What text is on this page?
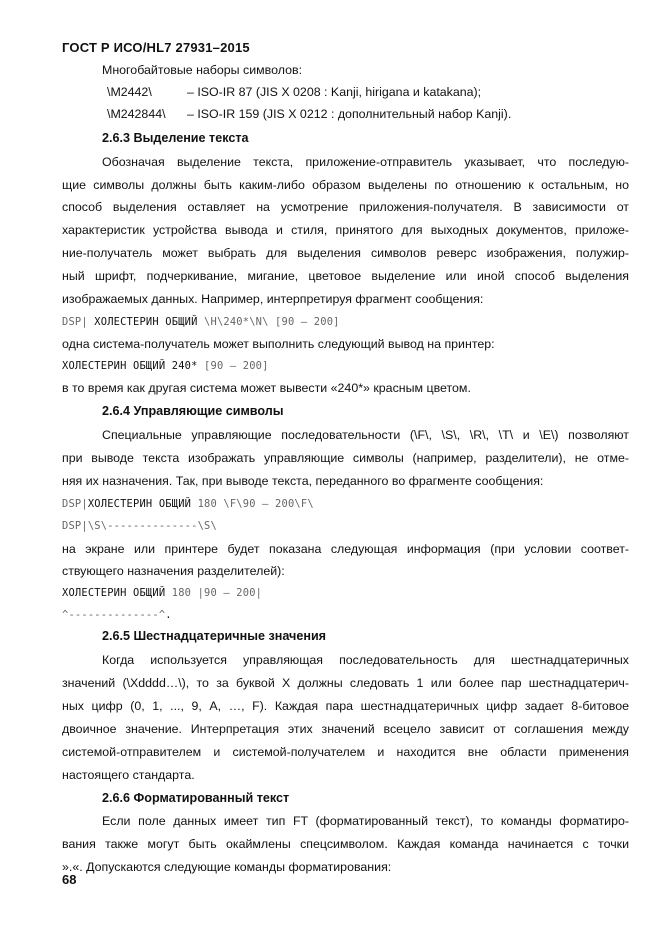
ГОСТ Р ИСО/HL7 27931–2015
Многобайтовые наборы символов:
\M2442\	– ISO-IR 87 (JIS X 0208 : Kanji, hirigana и katakana);
\M242844\ – ISO-IR 159 (JIS X 0212 : дополнительный набор Kanji).
2.6.3 Выделение текста
Обозначая выделение текста, приложение-отправитель указывает, что последую-
щие символы должны быть каким-либо образом выделены по отношению к остальным, но
способ выделения оставляет на усмотрение приложения-получателя. В зависимости от
характеристик устройства вывода и стиля, принятого для выходных документов, приложе-
ние-получатель может выбрать для выделения символов реверс изображения, полужир-
ный шрифт, подчеркивание, мигание, цветовое выделение или иной способ выделения
изображаемых данных. Например, интерпретируя фрагмент сообщения:
DSP| ХОЛЕСТЕРИН ОБЩИЙ \H\240*\N\ [90 – 200]
одна система-получатель может выполнить следующий вывод на принтер:
ХОЛЕСТЕРИН ОБЩИЙ 240* [90 – 200]
в то время как другая система может вывести «240*» красным цветом.
2.6.4 Управляющие символы
Специальные управляющие последовательности (\F\, \S\, \R\, \T\ и \E\) позволяют
при выводе текста изображать управляющие символы (например, разделители), не отме-
няя их назначения. Так, при выводе текста, переданного во фрагменте сообщения:
DSP|ХОЛЕСТЕРИН ОБЩИЙ 180 \F\90 – 200\F\
DSP|\S\--------------\S\
на экране или принтере будет показана следующая информация (при условии соответ-
ствующего назначения разделителей):
ХОЛЕСТЕРИН ОБЩИЙ 180 |90 – 200|
^--------------^.
2.6.5 Шестнадцатеричные значения
Когда используется управляющая последовательность для шестнадцатеричных
значений (\Xdddd…\), то за буквой X должны следовать 1 или более пар шестнадцатерич-
ных цифр (0, 1, ..., 9, A, …, F). Каждая пара шестнадцатеричных цифр задает 8-битовое
двоичное значение. Интерпретация этих значений всецело зависит от соглашения между
системой-отправителем и системой-получателем и находится вне области применения
настоящего стандарта.
2.6.6 Форматированный текст
Если поле данных имеет тип FT (форматированный текст), то команды форматиро-
вания также могут быть окаймлены спецсимволом. Каждая команда начинается с точки
».«. Допускаются следующие команды форматирования:
68
